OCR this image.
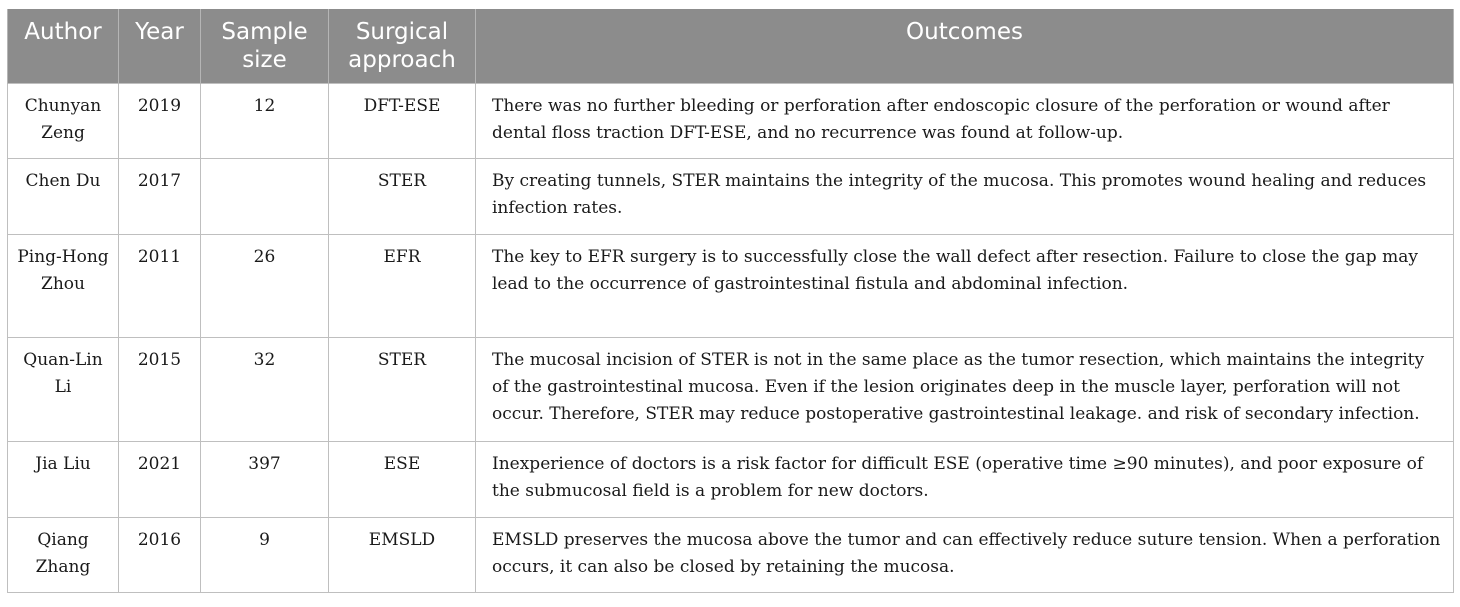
Author	Year	Sample size	Surgical approach	Outcomes
Chunyan Zeng	2019	12	DFT-ESE	There was no further bleeding or perforation after endoscopic closure of the perforation or wound after dental floss traction DFT-ESE, and no recurrence was found at follow-up.
Chen Du	2017		STER	By creating tunnels, STER maintains the integrity of the mucosa. This promotes wound healing and reduces infection rates.
Ping-Hong Zhou	2011	26	EFR	The key to EFR surgery is to successfully close the wall defect after resection. Failure to close the gap may lead to the occurrence of gastrointestinal fistula and abdominal infection.
Quan-Lin Li	2015	32	STER	The mucosal incision of STER is not in the same place as the tumor resection, which maintains the integrity of the gastrointestinal mucosa. Even if the lesion originates deep in the muscle layer, perforation will not occur. Therefore, STER may reduce postoperative gastrointestinal leakage. and risk of secondary infection.
Jia Liu	2021	397	ESE	Inexperience of doctors is a risk factor for difficult ESE (operative time ≥90 minutes), and poor exposure of the submucosal field is a problem for new doctors.
Qiang Zhang	2016	9	EMSLD	EMSLD preserves the mucosa above the tumor and can effectively reduce suture tension. When a perforation occurs, it can also be closed by retaining the mucosa.
